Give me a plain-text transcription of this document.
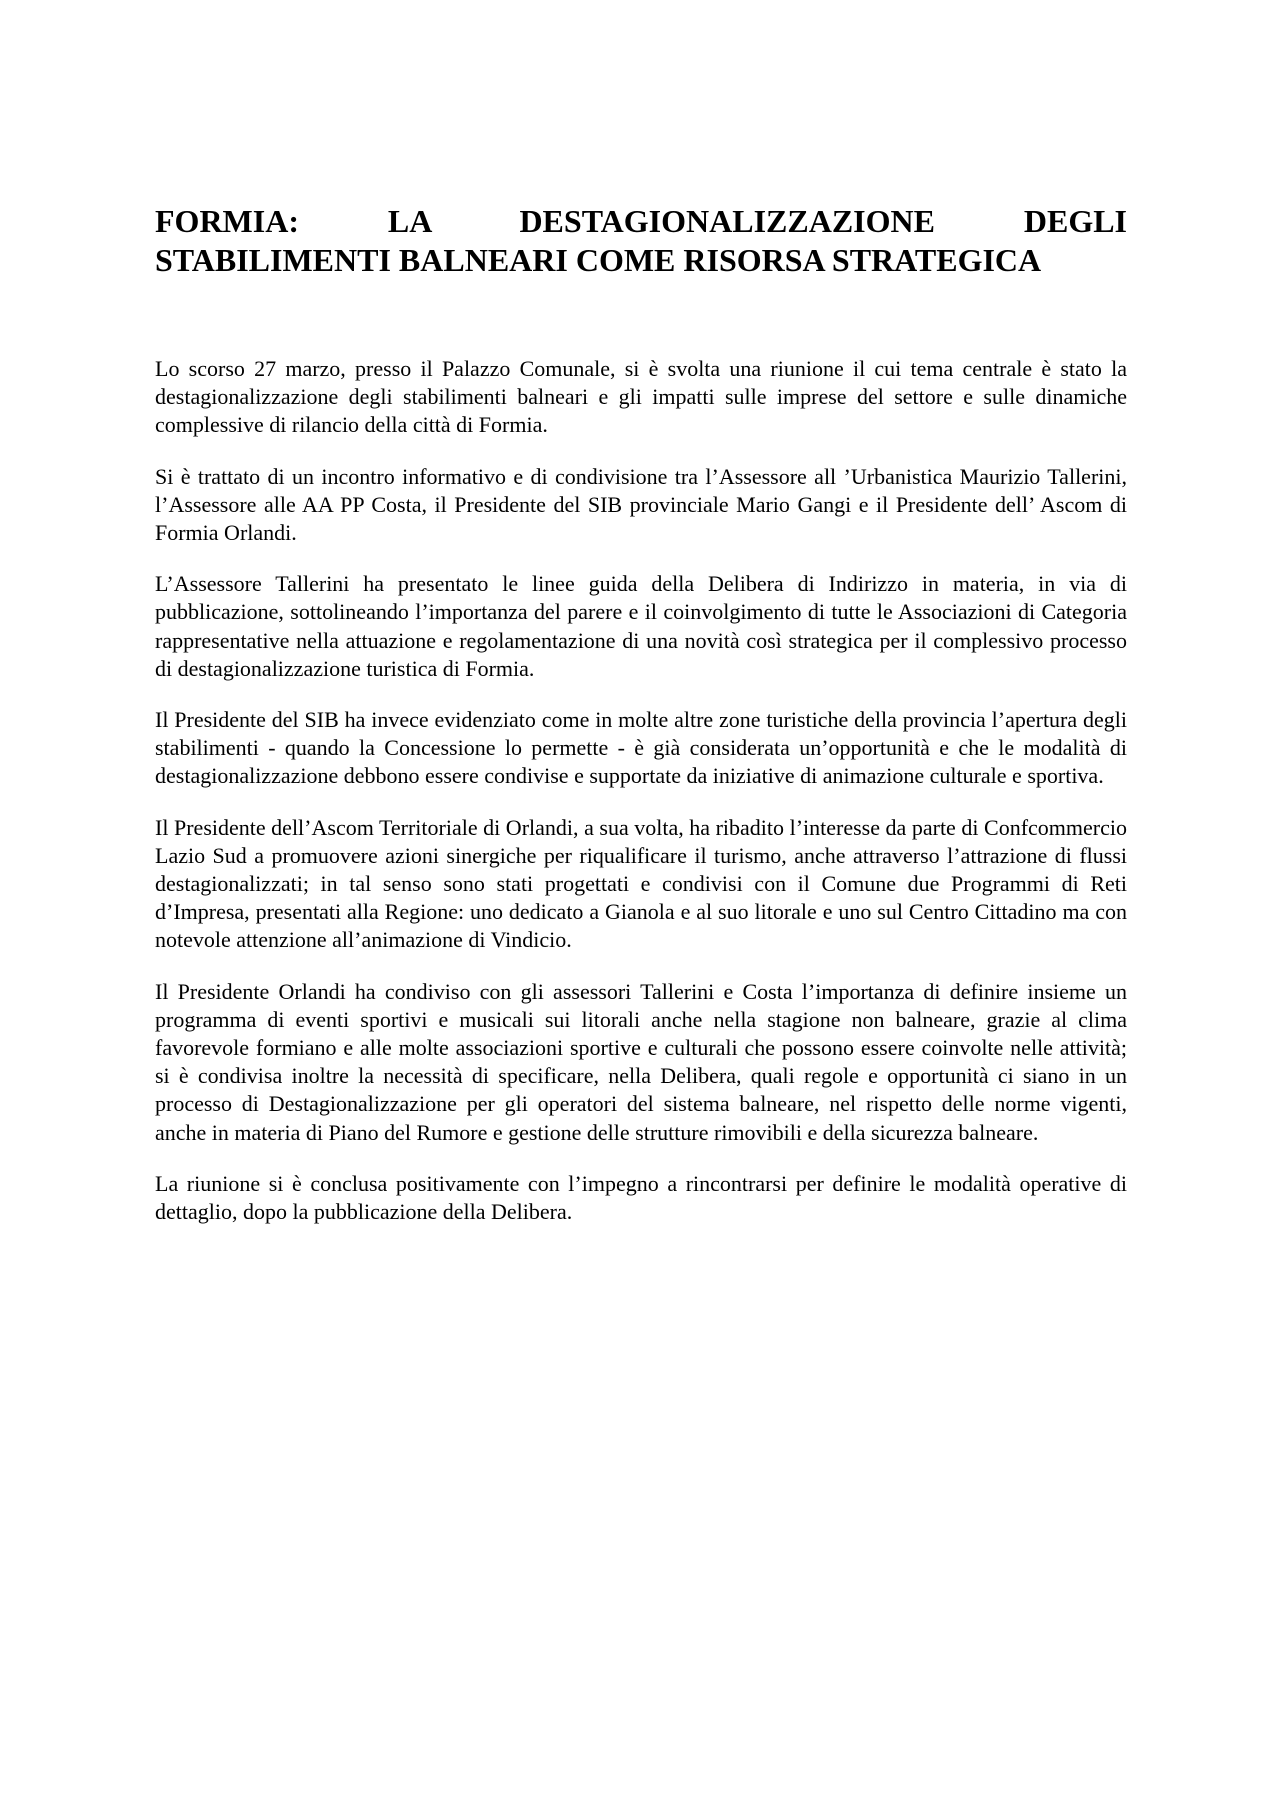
FORMIA: LA DESTAGIONALIZZAZIONE DEGLI
STABILIMENTI BALNEARI COME RISORSA STRATEGICA

Lo scorso 27 marzo, presso il Palazzo Comunale, si è svolta una riunione il cui tema centrale è stato la destagionalizzazione degli stabilimenti balneari e gli impatti sulle imprese del settore e sulle dinamiche complessive di rilancio della città di Formia.

Si è trattato di un incontro informativo e di condivisione tra l’Assessore all ’Urbanistica Maurizio Tallerini, l’Assessore alle AA PP Costa, il Presidente del SIB provinciale Mario Gangi e il Presidente dell’ Ascom di Formia Orlandi.

L’Assessore Tallerini ha presentato le linee guida della Delibera di Indirizzo in materia, in via di pubblicazione, sottolineando l’importanza del parere e il coinvolgimento di tutte le Associazioni di Categoria rappresentative nella attuazione e regolamentazione di una novità così strategica per il complessivo processo di destagionalizzazione turistica di Formia.

Il Presidente del SIB ha invece evidenziato come in molte altre zone turistiche della provincia l’apertura degli stabilimenti - quando la Concessione lo permette - è già considerata un’opportunità e che le modalità di destagionalizzazione debbono essere condivise e supportate da iniziative di animazione culturale e sportiva.

Il Presidente dell’Ascom Territoriale di Orlandi, a sua volta, ha ribadito l’interesse da parte di Confcommercio Lazio Sud a promuovere azioni sinergiche per riqualificare il turismo, anche attraverso l’attrazione di flussi destagionalizzati; in tal senso sono stati progettati e condivisi con il Comune due Programmi di Reti d’Impresa, presentati alla Regione: uno dedicato a Gianola e al suo litorale e uno sul Centro Cittadino ma con notevole attenzione all’animazione di Vindicio.

Il Presidente Orlandi ha condiviso con gli assessori Tallerini e Costa l’importanza di definire insieme un programma di eventi sportivi e musicali sui litorali anche nella stagione non balneare, grazie al clima favorevole formiano e alle molte associazioni sportive e culturali che possono essere coinvolte nelle attività; si è condivisa inoltre la necessità di specificare, nella Delibera, quali regole e opportunità ci siano in un processo di Destagionalizzazione per gli operatori del sistema balneare, nel rispetto delle norme vigenti, anche in materia di Piano del Rumore e gestione delle strutture rimovibili e della sicurezza balneare.

La riunione si è conclusa positivamente con l’impegno a rincontrarsi per definire le modalità operative di dettaglio, dopo la pubblicazione della Delibera.
